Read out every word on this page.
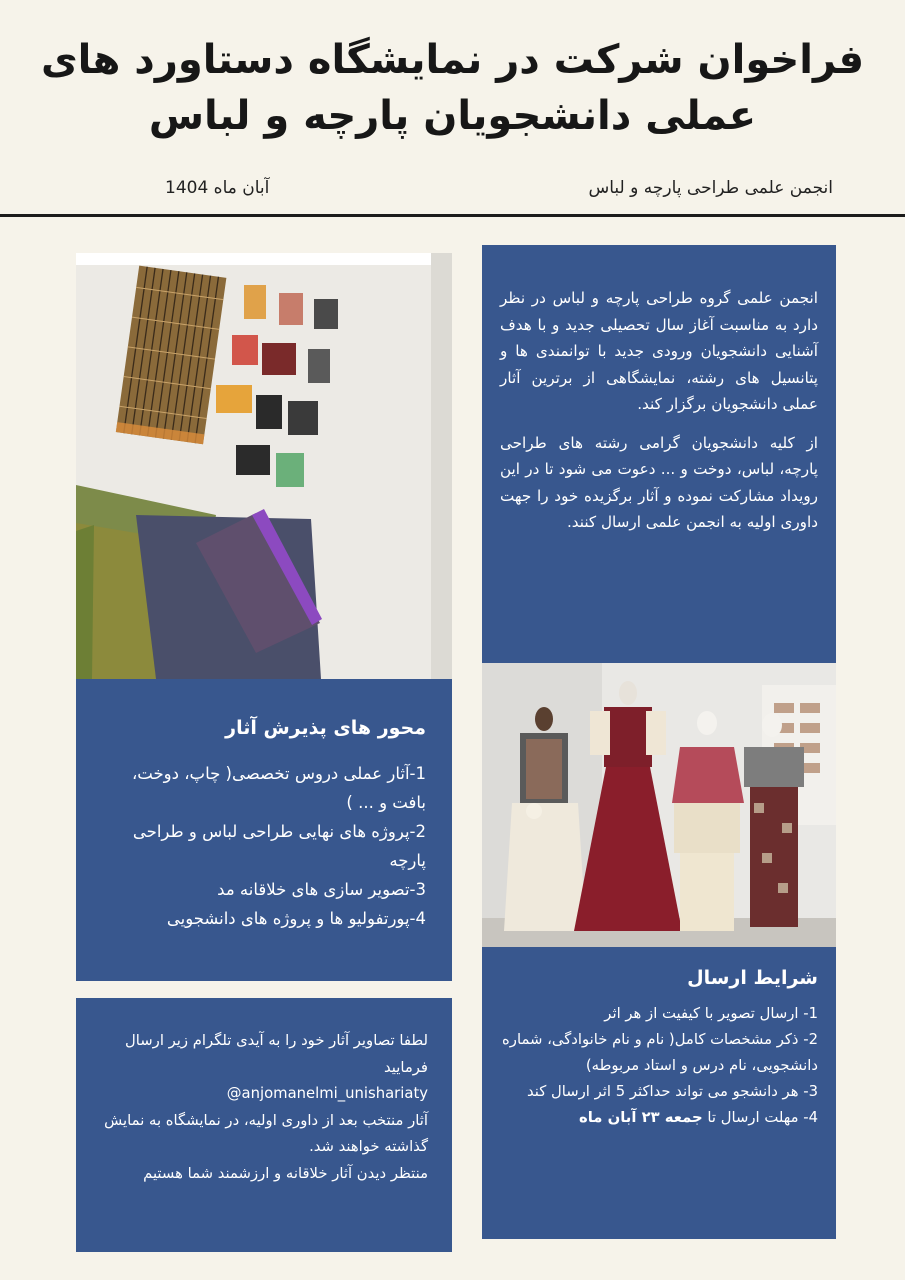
فراخوان شرکت در نمایشگاه دستاورد های
عملی دانشجویان پارچه و لباس
انجمن علمی طراحی پارچه و لباس
آبان ماه 1404

انجمن علمی گروه طراحی پارچه و لباس در نظر دارد به مناسبت آغاز سال تحصیلی جدید و با هدف آشنایی دانشجویان ورودی جدید با توانمندی ها و پتانسیل های رشته، نمایشگاهی از برترین آثار عملی دانشجویان برگزار کند.

از کلیه دانشجویان گرامی رشته های طراحی پارچه، لباس، دوخت و ... دعوت می شود تا در این رویداد مشارکت نموده و آثار برگزیده خود را جهت داوری اولیه به انجمن علمی ارسال کنند.

محور های پذیرش آثار
1-آثار عملی دروس تخصصی( چاپ، دوخت، بافت و ... )
2-پروژه های نهایی طراحی لباس و طراحی پارچه
3-تصویر سازی های خلاقانه مد
4-پورتفولیو ها و پروژه های دانشجویی
شرایط ارسال
1- ارسال تصویر با کیفیت از هر اثر
2- ذکر مشخصات کامل( نام و نام خانوادگی، شماره دانشجویی، نام درس و استاد مربوطه)
3- هر دانشجو می تواند حداکثر 5 اثر ارسال کند
4- مهلت ارسال تا جمعه ۲۳ آبان ماه

لطفا تصاویر آثار خود را به آیدی تلگرام زیر ارسال فرمایید

@anjomanelmi_unishariaty

آثار منتخب بعد از داوری اولیه، در نمایشگاه به نمایش گذاشته خواهند شد.

منتظر دیدن آثار خلاقانه و ارزشمند شما هستیم
